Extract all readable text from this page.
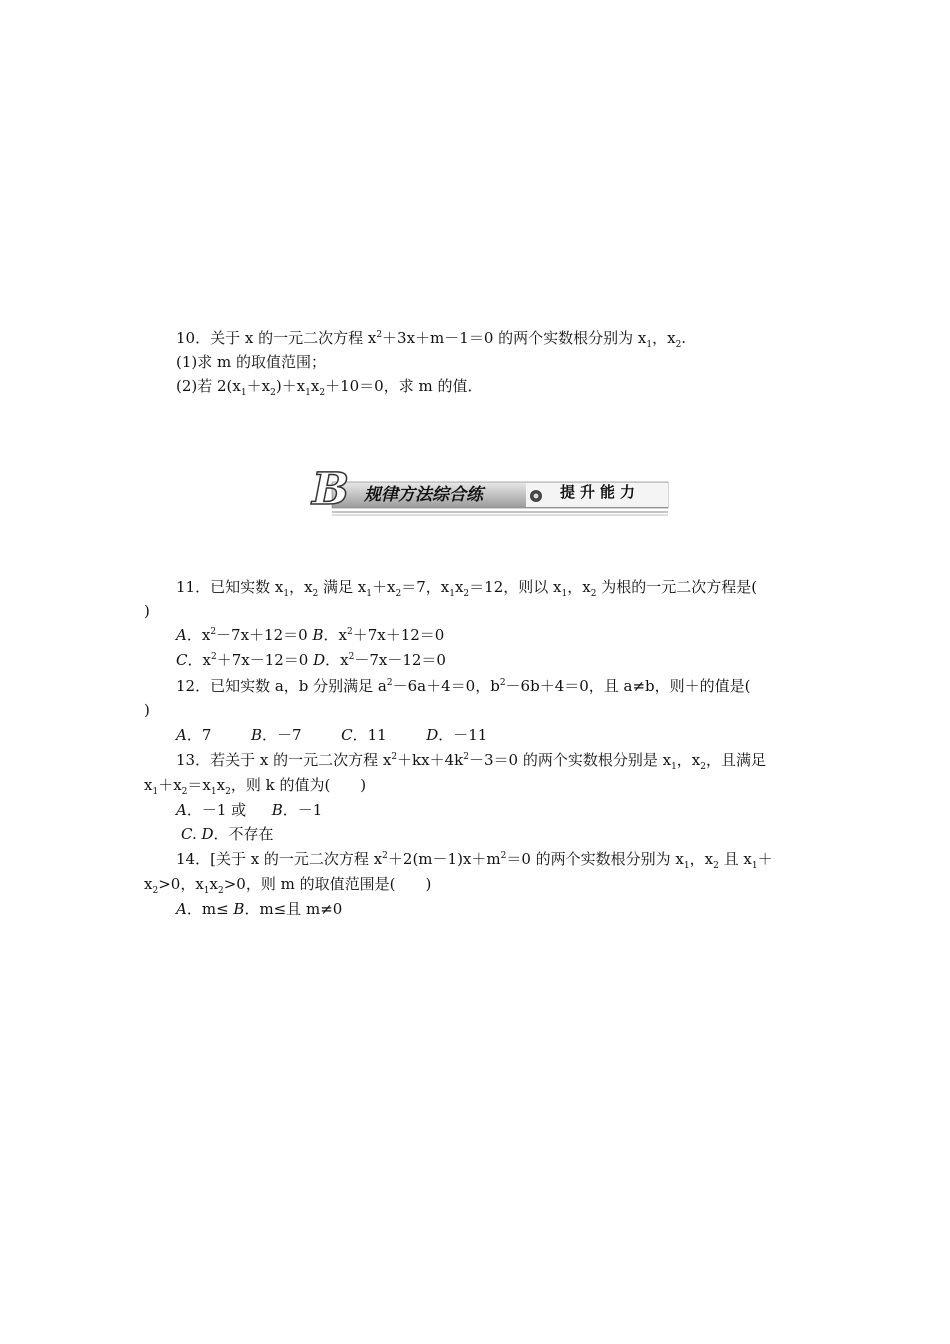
10．关于 x 的一元二次方程 $x^2+3x+m-1=0$ 的两个实数根分别为 $x_1$，$x_2$.
(1)求 m 的取值范围；
(2)若 $2(x_1+x_2)+x_1x_2+10=0$，求 m 的值．
B 规律方法综合练	提升能力
11．已知实数 $x_1$，$x_2$ 满足 $x_1+x_2=7$，$x_1x_2=12$，则以 $x_1$，$x_2$ 为根的一元二次方程是(
)
A．$x^2-7x+12=0$ B．$x^2+7x+12=0$
C．$x^2+7x-12=0$ D．$x^2-7x-12=0$
12．已知实数 a，b 分别满足 $a^2-6a+4=0$，$b^2-6b+4=0$，且 a≠b，则＋的值是(
)
A．7	B．－7	C．11	D．－11
13．若关于 x 的一元二次方程 $x^2+kx+4k^2-3=0$ 的两个实数根分别是 $x_1$，$x_2$，且满足
$x_1+x_2=x_1x_2$，则 k 的值为(　　)
A．－1 或 B．－1
C. D．不存在
14．[关于 x 的一元二次方程 $x^2+2(m-1)x+m^2=0$ 的两个实数根分别为 $x_1$，$x_2$ 且 $x_1+$
$x_2>0$，$x_1x_2>0$，则 m 的取值范围是(　　)
A．m≤ B．m≤且 m≠0
